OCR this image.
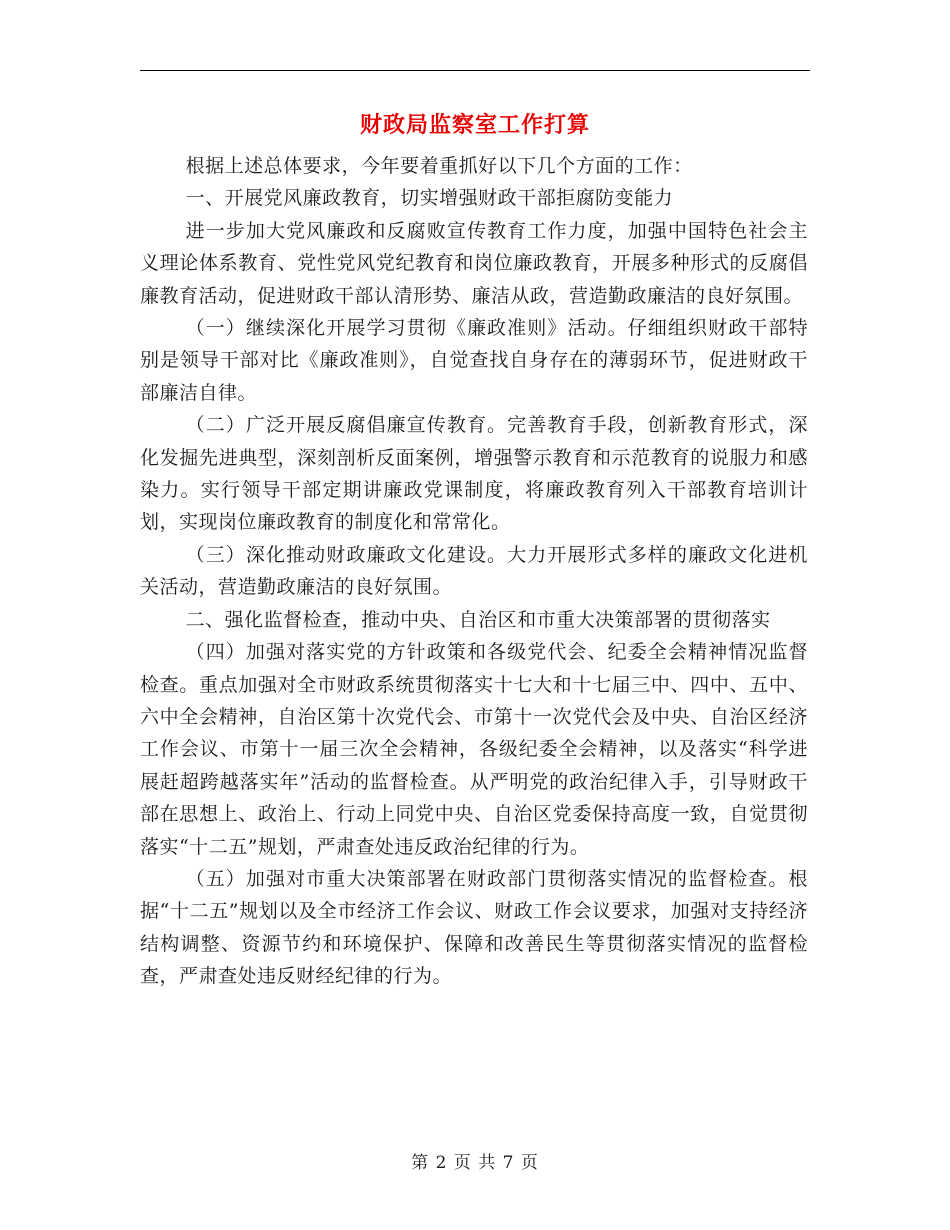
财政局监察室工作打算

根据上述总体要求，今年要着重抓好以下几个方面的工作：

一、开展党风廉政教育，切实增强财政干部拒腐防变能力

进一步加大党风廉政和反腐败宣传教育工作力度，加强中国特色社会主义理论体系教育、党性党风党纪教育和岗位廉政教育，开展多种形式的反腐倡廉教育活动，促进财政干部认清形势、廉洁从政，营造勤政廉洁的良好氛围。

（一）继续深化开展学习贯彻《廉政准则》活动。仔细组织财政干部特别是领导干部对比《廉政准则》，自觉查找自身存在的薄弱环节，促进财政干部廉洁自律。

（二）广泛开展反腐倡廉宣传教育。完善教育手段，创新教育形式，深化发掘先进典型，深刻剖析反面案例，增强警示教育和示范教育的说服力和感染力。实行领导干部定期讲廉政党课制度，将廉政教育列入干部教育培训计划，实现岗位廉政教育的制度化和常常化。

（三）深化推动财政廉政文化建设。大力开展形式多样的廉政文化进机关活动，营造勤政廉洁的良好氛围。

二、强化监督检查，推动中央、自治区和市重大决策部署的贯彻落实

（四）加强对落实党的方针政策和各级党代会、纪委全会精神情况监督检查。重点加强对全市财政系统贯彻落实十七大和十七届三中、四中、五中、六中全会精神，自治区第十次党代会、市第十一次党代会及中央、自治区经济工作会议、市第十一届三次全会精神，各级纪委全会精神，以及落实“科学进展赶超跨越落实年”活动的监督检查。从严明党的政治纪律入手，引导财政干部在思想上、政治上、行动上同党中央、自治区党委保持高度一致，自觉贯彻落实“十二五”规划，严肃查处违反政治纪律的行为。

（五）加强对市重大决策部署在财政部门贯彻落实情况的监督检查。根据“十二五”规划以及全市经济工作会议、财政工作会议要求，加强对支持经济结构调整、资源节约和环境保护、保障和改善民生等贯彻落实情况的监督检查，严肃查处违反财经纪律的行为。

第 2 页 共 7 页
